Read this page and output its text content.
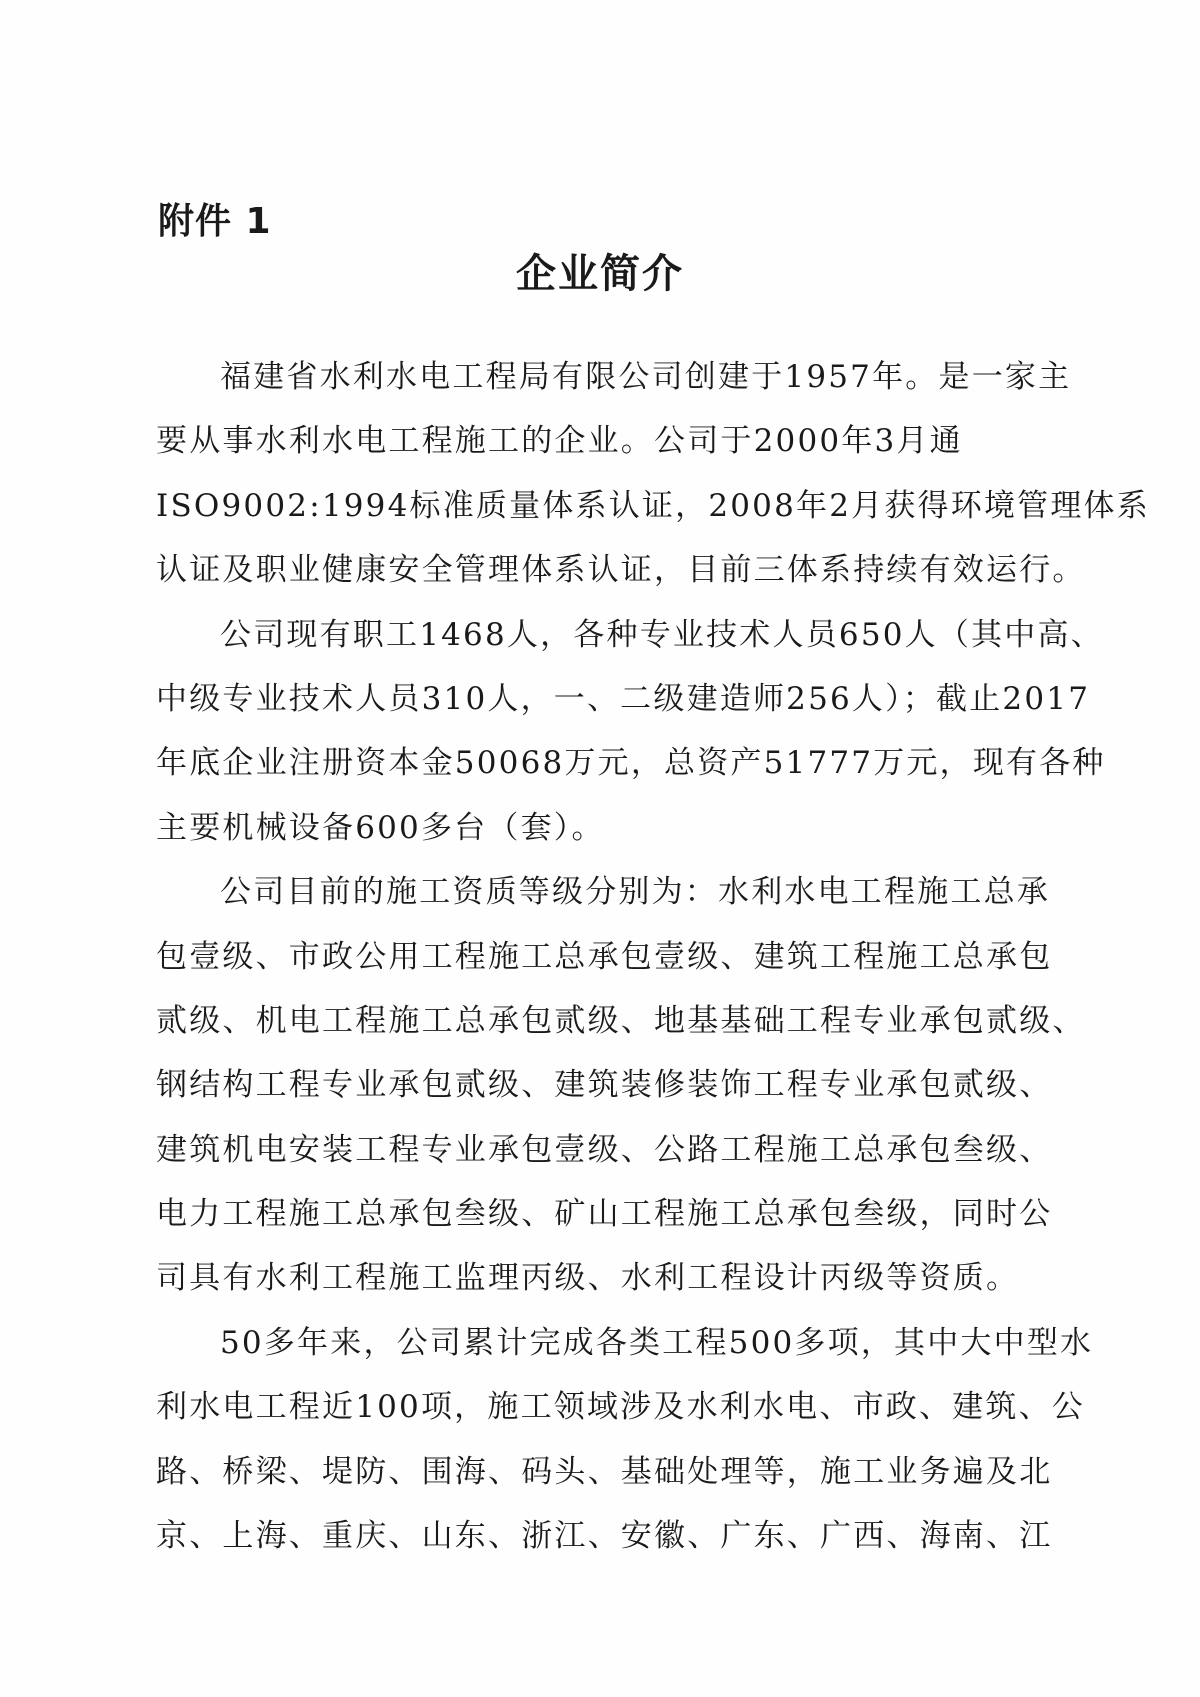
附件 1
企业简介
福建省水利水电工程局有限公司创建于1957年。是一家主
要从事水利水电工程施工的企业。公司于2000年3月通
ISO9002:1994标准质量体系认证，2008年2月获得环境管理体系
认证及职业健康安全管理体系认证，目前三体系持续有效运行。
公司现有职工1468人，各种专业技术人员650人（其中高、
中级专业技术人员310人，一、二级建造师256人）；截止2017
年底企业注册资本金50068万元，总资产51777万元，现有各种
主要机械设备600多台（套）。
公司目前的施工资质等级分别为：水利水电工程施工总承
包壹级、市政公用工程施工总承包壹级、建筑工程施工总承包
贰级、机电工程施工总承包贰级、地基基础工程专业承包贰级、
钢结构工程专业承包贰级、建筑装修装饰工程专业承包贰级、
建筑机电安装工程专业承包壹级、公路工程施工总承包叁级、
电力工程施工总承包叁级、矿山工程施工总承包叁级，同时公
司具有水利工程施工监理丙级、水利工程设计丙级等资质。
50多年来，公司累计完成各类工程500多项，其中大中型水
利水电工程近100项，施工领域涉及水利水电、市政、建筑、公
路、桥梁、堤防、围海、码头、基础处理等，施工业务遍及北
京、上海、重庆、山东、浙江、安徽、广东、广西、海南、江
